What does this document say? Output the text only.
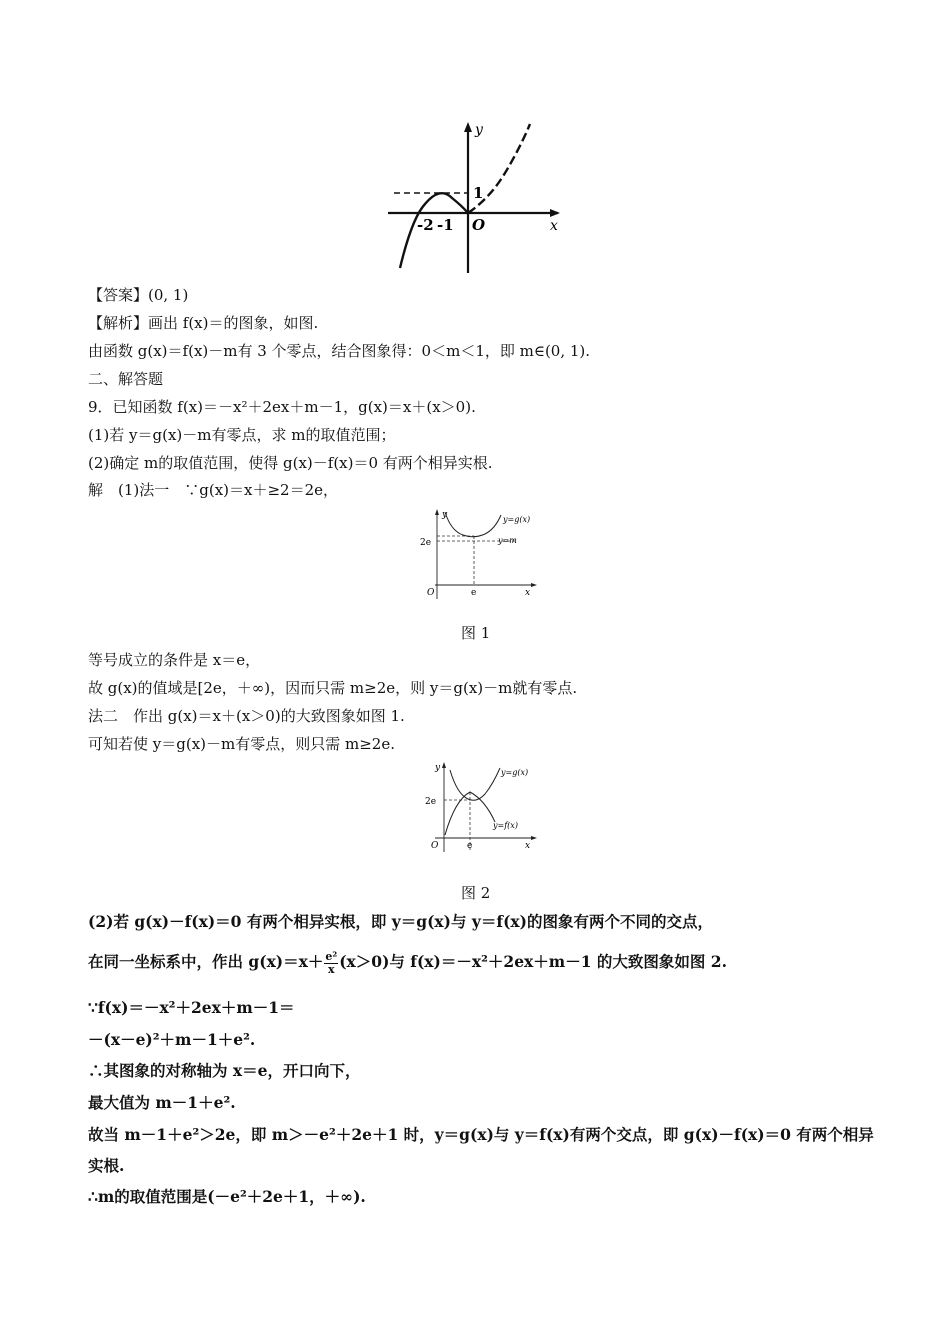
y
x
-2 -1 O
1
【答案】(0, 1)
【解析】画出 f(x)＝的图象，如图.
由函数 g(x)＝f(x)－m有 3 个零点，结合图象得：0＜m＜1，即 m∈(0, 1).
二、解答题
9．已知函数 f(x)＝－x²＋2ex＋m－1，g(x)＝x＋(x＞0).
(1)若 y＝g(x)－m有零点，求 m的取值范围；
(2)确定 m的取值范围，使得 g(x)－f(x)＝0 有两个相异实根.
解　(1)法一　∵g(x)＝x＋≥2＝2e，
y
x
O
2e
e
y=g(x)
y=m
图 1
等号成立的条件是 x＝e，
故 g(x)的值域是[2e，＋∞)，因而只需 m≥2e，则 y＝g(x)－m就有零点.
法二　作出 g(x)＝x＋(x＞0)的大致图象如图 1.
可知若使 y＝g(x)－m有零点，则只需 m≥2e.
y
x
O
2e
e
y=g(x)
y=f(x)
图 2
(2)若 g(x)－f(x)＝0 有两个相异实根，即 y＝g(x)与 y＝f(x)的图象有两个不同的交点，
在同一坐标系中，作出 $g(x)=x+ \frac{\text{e²}}{x} (x>0)$与 f(x)＝－x²＋2ex＋m－1 的大致图象如图 2.
∵f(x)＝－x²＋2ex＋m－1＝
－(x－e)²＋m－1＋e².
∴其图象的对称轴为 x＝e，开口向下，
最大值为 m－1＋e².
故当 m－1＋e²＞2e，即 m＞－e²＋2e＋1 时，y＝g(x)与 y＝f(x)有两个交点，即 g(x)－f(x)＝0 有两个相异
实根.
∴m的取值范围是(－e²＋2e＋1，＋∞).
